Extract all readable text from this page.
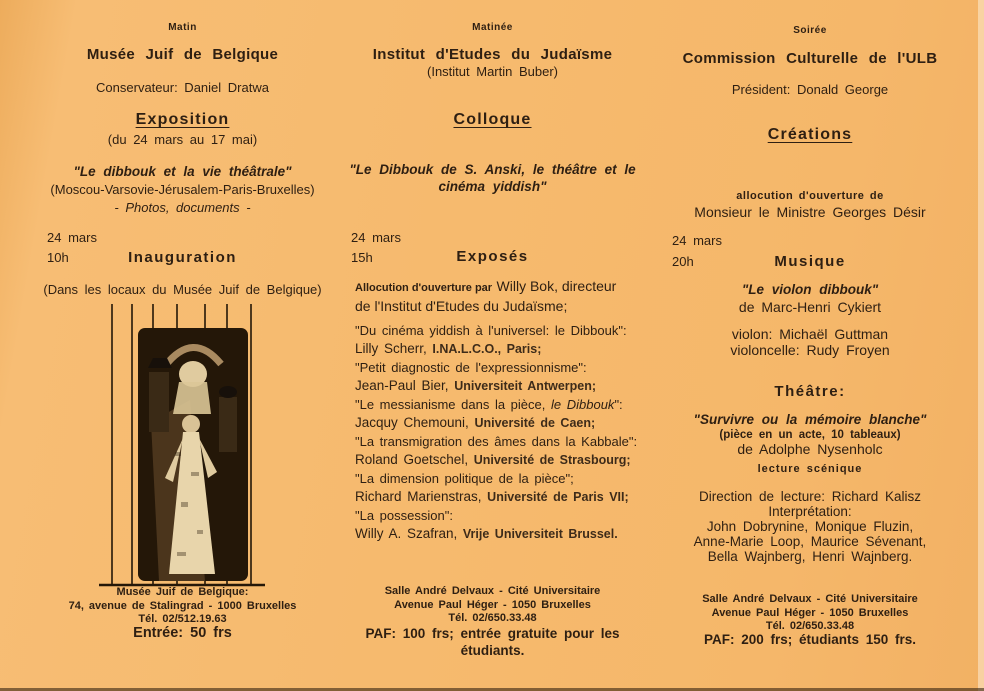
Matin
Musée Juif de Belgique
Conservateur: Daniel Dratwa
Exposition
(du 24 mars au 17 mai)
"Le dibbouk et la vie théâtrale"
(Moscou-Varsovie-Jérusalem-Paris-Bruxelles)
- Photos, documents -
24 mars
10h	Inauguration
(Dans les locaux du Musée Juif de Belgique)
Musée Juif de Belgique:
74, avenue de Stalingrad - 1000 Bruxelles
Tél. 02/512.19.63
Entrée: 50 frs
Matinée
Institut d'Etudes du Judaïsme
(Institut Martin Buber)
Colloque
"Le Dibbouk de S. Anski, le théâtre et le
cinéma yiddish"
24 mars
15h	Exposés
Allocution d'ouverture par Willy Bok, directeur
de l'Institut d'Etudes du Judaïsme;
"Du cinéma yiddish à l'universel: le Dibbouk":
Lilly Scherr, I.NA.L.C.O., Paris;
"Petit diagnostic de l'expressionnisme":
Jean-Paul Bier, Universiteit Antwerpen;
"Le messianisme dans la pièce, le Dibbouk":
Jacquy Chemouni, Université de Caen;
"La transmigration des âmes dans la Kabbale":
Roland Goetschel, Université de Strasbourg;
"La dimension politique de la pièce";
Richard Marienstras, Université de Paris VII;
"La possession":
Willy A. Szafran, Vrije Universiteit Brussel.
Salle André Delvaux - Cité Universitaire
Avenue Paul Héger - 1050 Bruxelles
Tél. 02/650.33.48
PAF: 100 frs; entrée gratuite pour les étudiants.
Soirée
Commission Culturelle de l'ULB
Président: Donald George
Créations
allocution d'ouverture de
Monsieur le Ministre Georges Désir
24 mars
20h	Musique
"Le violon dibbouk"
de Marc-Henri Cykiert
violon: Michaël Guttman
violoncelle: Rudy Froyen
Théâtre:
"Survivre ou la mémoire blanche"
(pièce en un acte, 10 tableaux)
de Adolphe Nysenholc
lecture scénique
Direction de lecture: Richard Kalisz
Interprétation:
John Dobrynine, Monique Fluzin,
Anne-Marie Loop, Maurice Sévenant,
Bella Wajnberg, Henri Wajnberg.
Salle André Delvaux - Cité Universitaire
Avenue Paul Héger - 1050 Bruxelles
Tél. 02/650.33.48
PAF: 200 frs; étudiants 150 frs.
